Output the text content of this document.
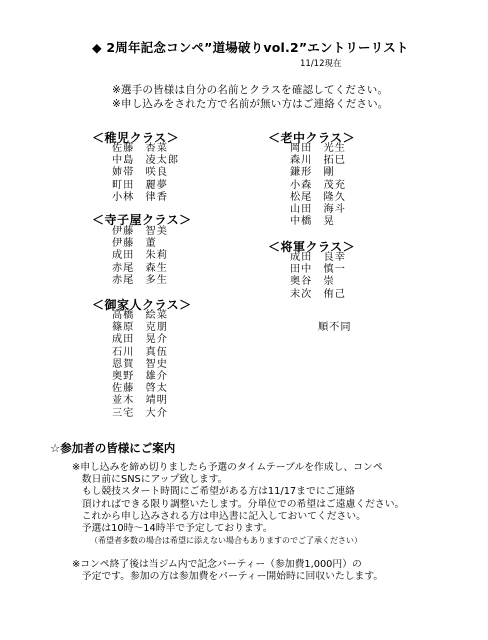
◆ 2周年記念コンペ”道場破りvol.2”エントリーリスト
11/12現在
※選手の皆様は自分の名前とクラスを確認してください。
※申し込みをされた方で名前が無い方はご連絡ください。
＜稚児クラス＞
佐藤　杏菜
中島　凌太郎
姉帯　咲良
町田　麗夢
小林　律香
＜寺子屋クラス＞
伊藤　智美
伊藤　董
成田　朱莉
赤尾　森生
赤尾　多生
＜御家人クラス＞
高橋　絵菜
篠原　克朋
成田　晃介
石川　真伍
恩賀　智史
奥野　雄介
佐藤　啓太
並木　靖明
三宅　大介
＜老中クラス＞
岡田　光生
森川　拓巳
鎌形　剛
小森　茂充
松尾　隆久
山田　海斗
中橋　晃
＜将軍クラス＞
成田　良幸
田中　慎一
奥谷　崇
末次　侑己
順不同
☆参加者の皆様にご案内
※申し込みを締め切りましたら予選のタイムテーブルを作成し、コンペ
　数日前にSNSにアップ致します。
　もし競技スタート時間にご希望がある方は11/17までにご連絡
　頂ければできる限り調整いたします。分単位での希望はご遠慮ください。
　これから申し込みされる方は申込書に記入しておいてください。
　予選は10時～14時半で予定しております。
（希望者多数の場合は希望に添えない場合もありますのでご了承ください）
※コンペ終了後は当ジム内で記念パーティー（参加費1,000円）の
　予定です。参加の方は参加費をパーティー開始時に回収いたします。
